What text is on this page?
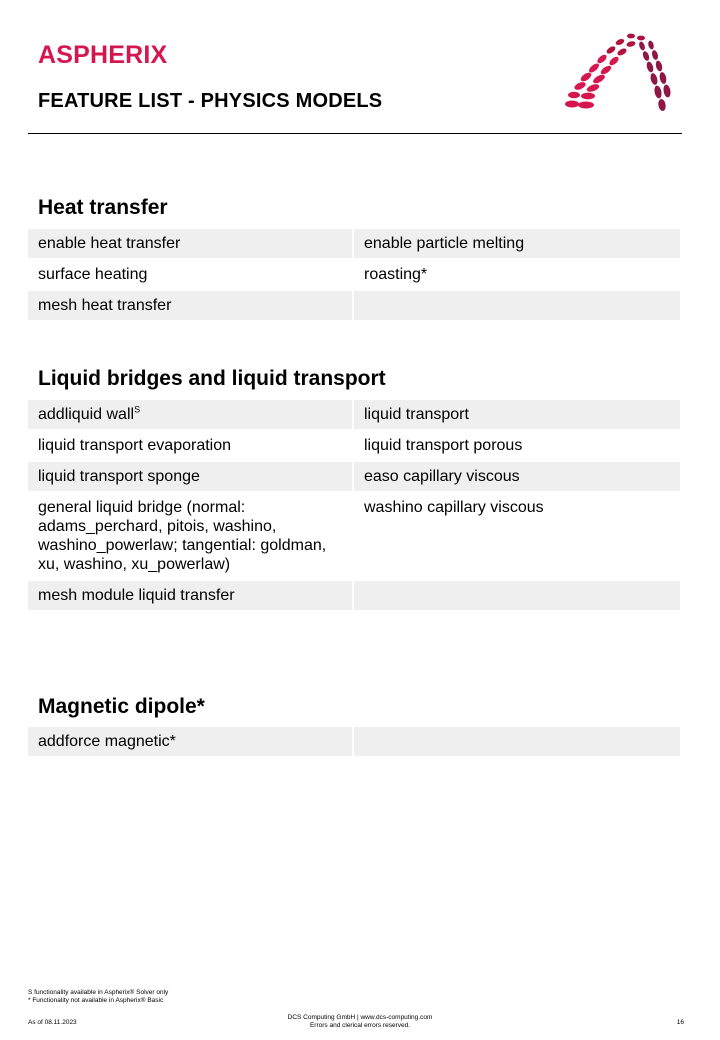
ASPHERIX
FEATURE LIST - PHYSICS MODELS
Heat transfer
enable heat transfer	enable particle melting
surface heating	roasting*
mesh heat transfer	
Liquid bridges and liquid transport
addliquid wall$^S$	liquid transport
liquid transport evaporation	liquid transport porous
liquid transport sponge	easo capillary viscous
general liquid bridge (normal: adams_perchard, pitois, washino, washino_powerlaw; tangential: goldman, xu, washino, xu_powerlaw)	washino capillary viscous
mesh module liquid transfer	
Magnetic dipole*
addforce magnetic*	
S functionality available in Aspherix® Solver only
* Functionality not available in Aspherix® Basic
As of 08.11.2023
DCS Computing GmbH | www.dcs-computing.com
Errors and clerical errors reserved.	16
